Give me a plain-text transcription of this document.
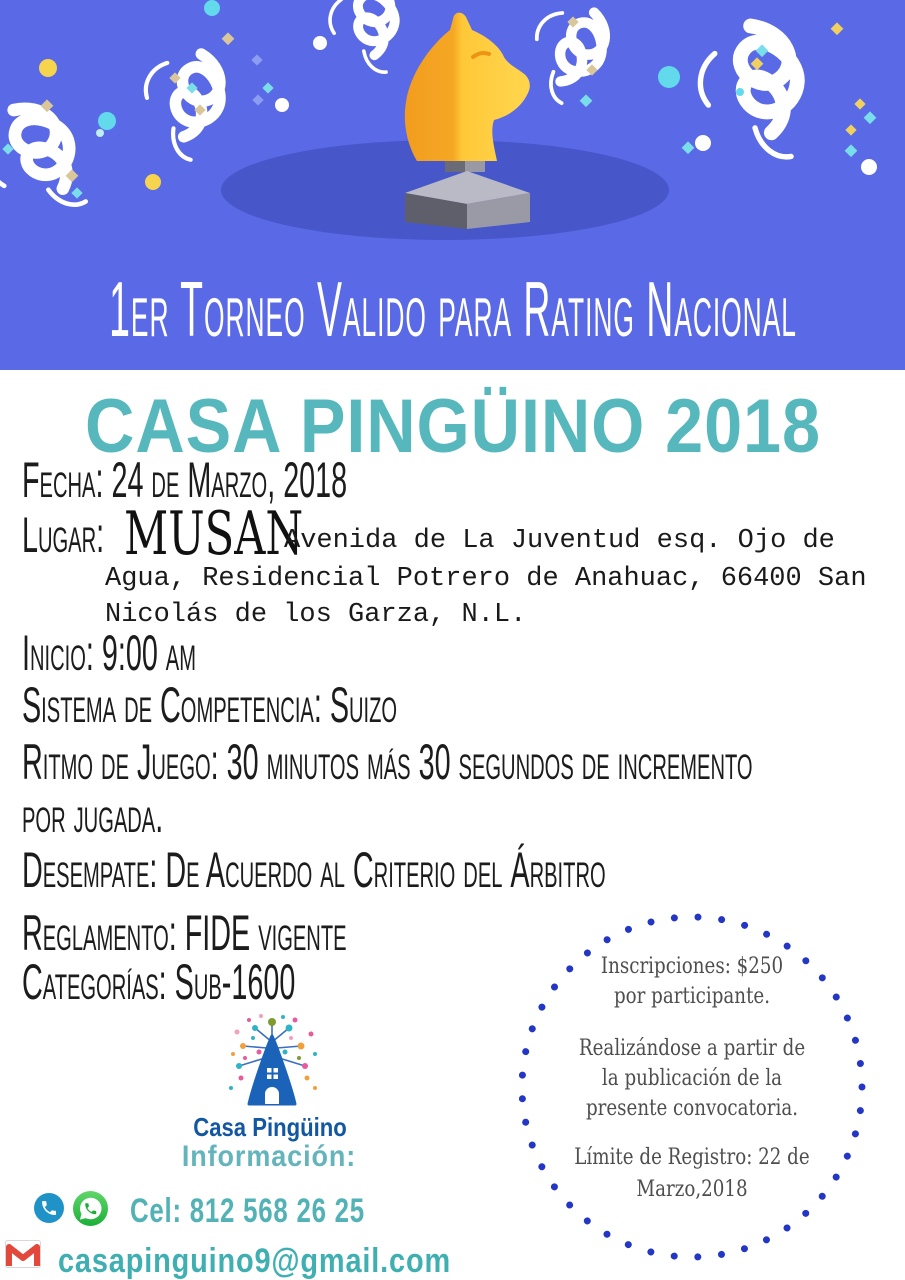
1er Torneo Valido para Rating Nacional
CASA PINGÜINO 2018
Fecha: 24 de Marzo, 2018
Lugar: MUSAN
Avenida de La Juventud esq. Ojo de
Agua, Residencial Potrero de Anahuac, 66400 San
Nicolás de los Garza, N.L.
Inicio: 9:00 am
Sistema de Competencia: Suizo
Ritmo de Juego: 30 minutos más 30 segundos de incremento
por jugada.
Desempate: De Acuerdo al Criterio del Árbitro
Reglamento: FIDE vigente
Categorías: Sub-1600	Inscripciones: $250
por participante.
Realizándose a partir de
la publicación de la
presente convocatoria.
Límite de Registro: 22 de
Marzo,2018
Casa Pingüino
Información:
Cel: 812 568 26 25
casapinguino9@gmail.com
